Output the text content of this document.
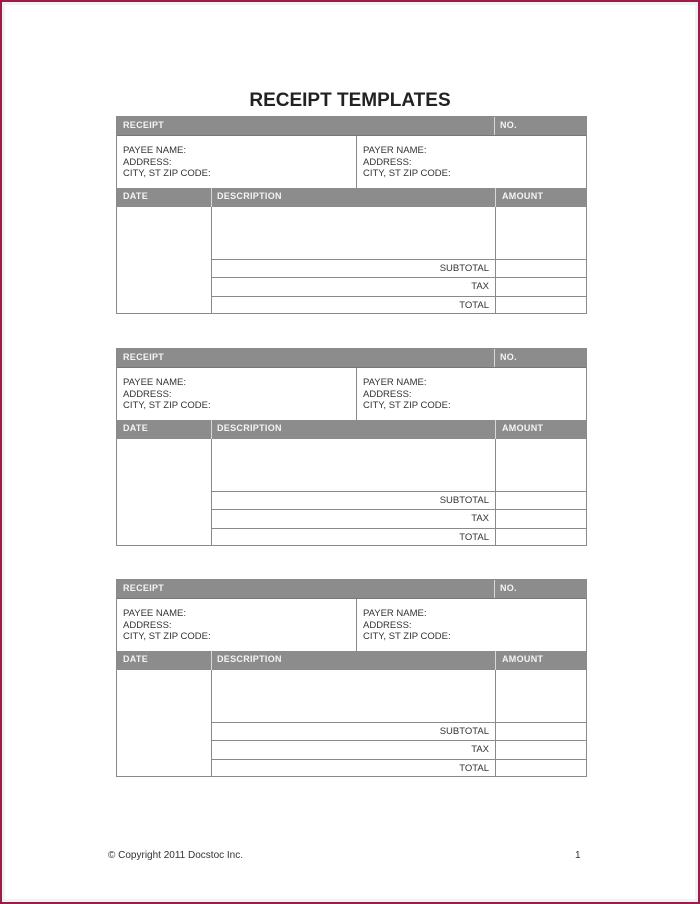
RECEIPT TEMPLATES
RECEIPT	NO.
PAYEE NAME:
ADDRESS:
CITY, ST ZIP CODE:
PAYER NAME:
ADDRESS:
CITY, ST ZIP CODE:
DATE	DESCRIPTION	AMOUNT
SUBTOTAL
TAX
TOTAL
RECEIPT	NO.
PAYEE NAME:
ADDRESS:
CITY, ST ZIP CODE:
PAYER NAME:
ADDRESS:
CITY, ST ZIP CODE:
DATE	DESCRIPTION	AMOUNT
SUBTOTAL
TAX
TOTAL
RECEIPT	NO.
PAYEE NAME:
ADDRESS:
CITY, ST ZIP CODE:
PAYER NAME:
ADDRESS:
CITY, ST ZIP CODE:
DATE	DESCRIPTION	AMOUNT
SUBTOTAL
TAX
TOTAL
© Copyright 2011 Docstoc Inc.	1
